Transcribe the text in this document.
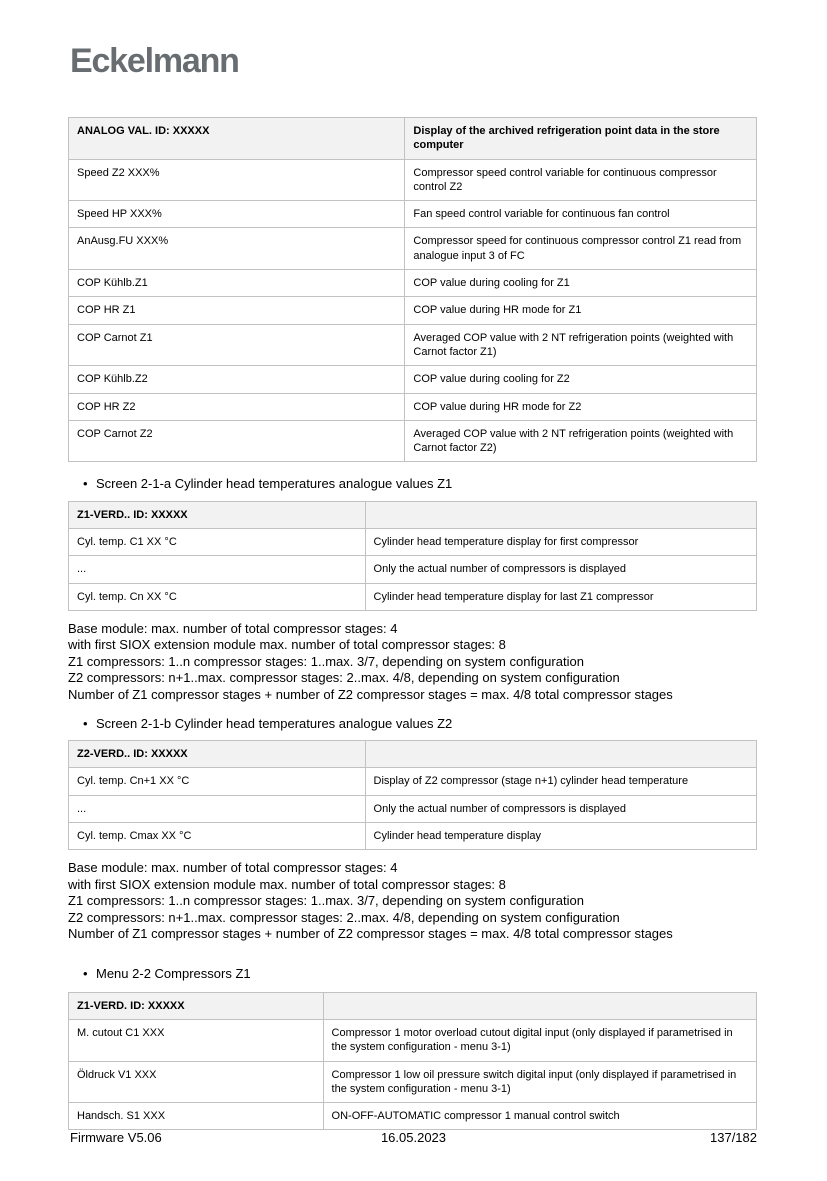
Eckelmann
ANALOG VAL. ID: XXXXX	Display of the archived refrigeration point data in the store computer
Speed Z2 XXX%	Compressor speed control variable for continuous compressor control Z2
Speed HP XXX%	Fan speed control variable for continuous fan control
AnAusg.FU XXX%	Compressor speed for continuous compressor control Z1 read from analogue input 3 of FC
COP Kühlb.Z1	COP value during cooling for Z1
COP HR Z1	COP value during HR mode for Z1
COP Carnot Z1	Averaged COP value with 2 NT refrigeration points (weighted with Carnot factor Z1)
COP Kühlb.Z2	COP value during cooling for Z2
COP HR Z2	COP value during HR mode for Z2
COP Carnot Z2	Averaged COP value with 2 NT refrigeration points (weighted with Carnot factor Z2)
• Screen 2-1-a Cylinder head temperatures analogue values Z1
Z1-VERD.. ID: XXXXX	
Cyl. temp. C1 XX °C	Cylinder head temperature display for first compressor
...	Only the actual number of compressors is displayed
Cyl. temp. Cn XX °C	Cylinder head temperature display for last Z1 compressor
Base module: max. number of total compressor stages: 4
with first SIOX extension module max. number of total compressor stages: 8
Z1 compressors: 1..n compressor stages: 1..max. 3/7, depending on system configuration
Z2 compressors: n+1..max. compressor stages: 2..max. 4/8, depending on system configuration
Number of Z1 compressor stages + number of Z2 compressor stages = max. 4/8 total compressor stages
• Screen 2-1-b Cylinder head temperatures analogue values Z2
Z2-VERD.. ID: XXXXX	
Cyl. temp. Cn+1 XX °C	Display of Z2 compressor (stage n+1) cylinder head temperature
...	Only the actual number of compressors is displayed
Cyl. temp. Cmax XX °C	Cylinder head temperature display
Base module: max. number of total compressor stages: 4
with first SIOX extension module max. number of total compressor stages: 8
Z1 compressors: 1..n compressor stages: 1..max. 3/7, depending on system configuration
Z2 compressors: n+1..max. compressor stages: 2..max. 4/8, depending on system configuration
Number of Z1 compressor stages + number of Z2 compressor stages = max. 4/8 total compressor stages
• Menu 2-2 Compressors Z1
Z1-VERD. ID: XXXXX	
M. cutout C1 XXX	Compressor 1 motor overload cutout digital input (only displayed if parametrised in the system configuration - menu 3-1)
Öldruck V1 XXX	Compressor 1 low oil pressure switch digital input (only displayed if parametrised in the system configuration - menu 3-1)
Handsch. S1 XXX	ON-OFF-AUTOMATIC compressor 1 manual control switch
Firmware V5.06	16.05.2023	137/182
